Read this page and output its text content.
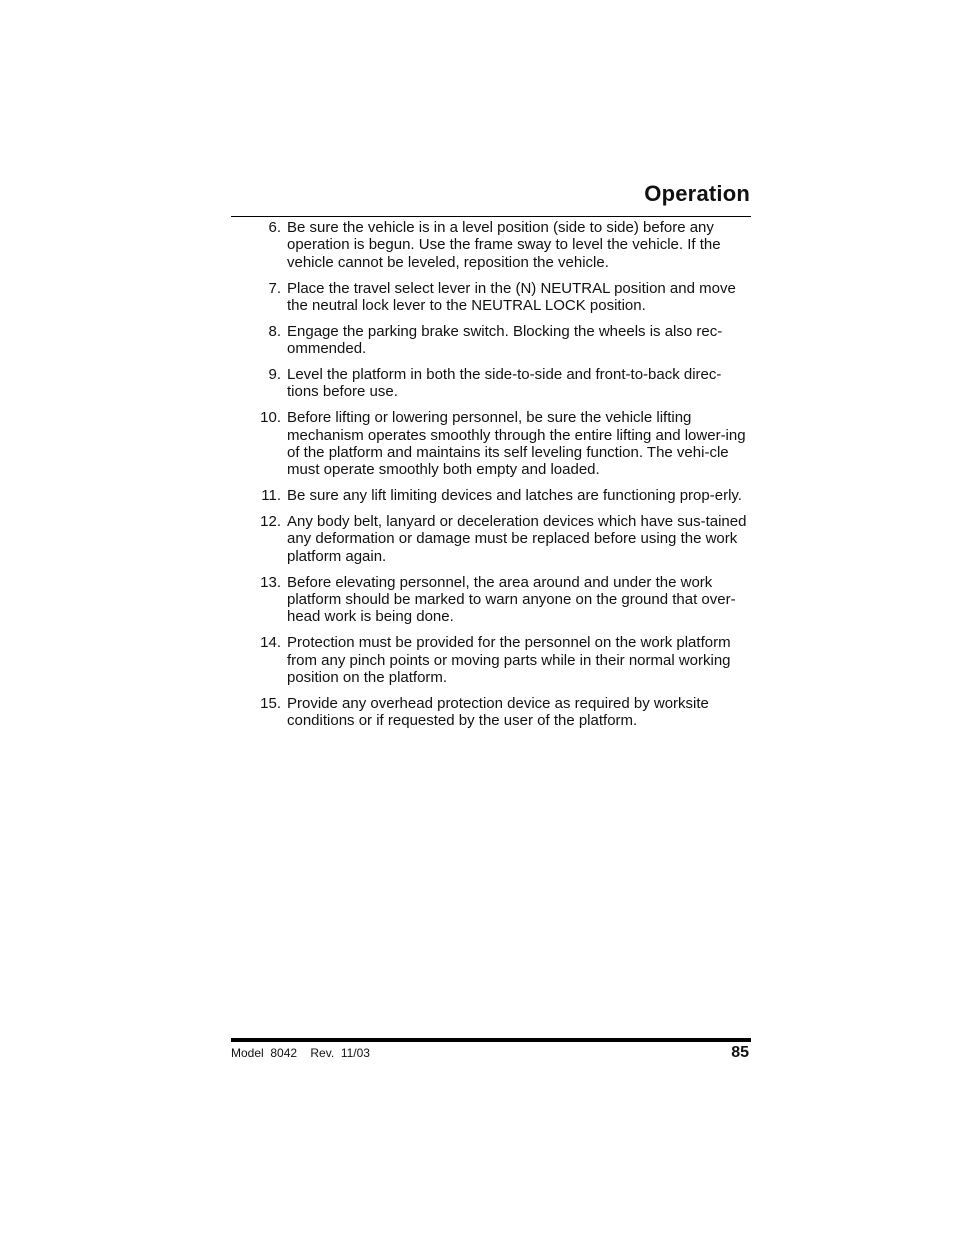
Operation
6. Be sure the vehicle is in a level position (side to side) before any operation is begun. Use the frame sway to level the vehicle. If the vehicle cannot be leveled, reposition the vehicle.
7. Place the travel select lever in the (N) NEUTRAL position and move the neutral lock lever to the NEUTRAL LOCK position.
8. Engage the parking brake switch. Blocking the wheels is also rec-ommended.
9. Level the platform in both the side-to-side and front-to-back direc-tions before use.
10. Before lifting or lowering personnel, be sure the vehicle lifting mechanism operates smoothly through the entire lifting and lower-ing of the platform and maintains its self leveling function. The vehi-cle must operate smoothly both empty and loaded.
11. Be sure any lift limiting devices and latches are functioning prop-erly.
12. Any body belt, lanyard or deceleration devices which have sus-tained any deformation or damage must be replaced before using the work platform again.
13. Before elevating personnel, the area around and under the work platform should be marked to warn anyone on the ground that over-head work is being done.
14. Protection must be provided for the personnel on the work platform from any pinch points or moving parts while in their normal working position on the platform.
15. Provide any overhead protection device as required by worksite conditions or if requested by the user of the platform.
Model  8042    Rev.  11/03	85
